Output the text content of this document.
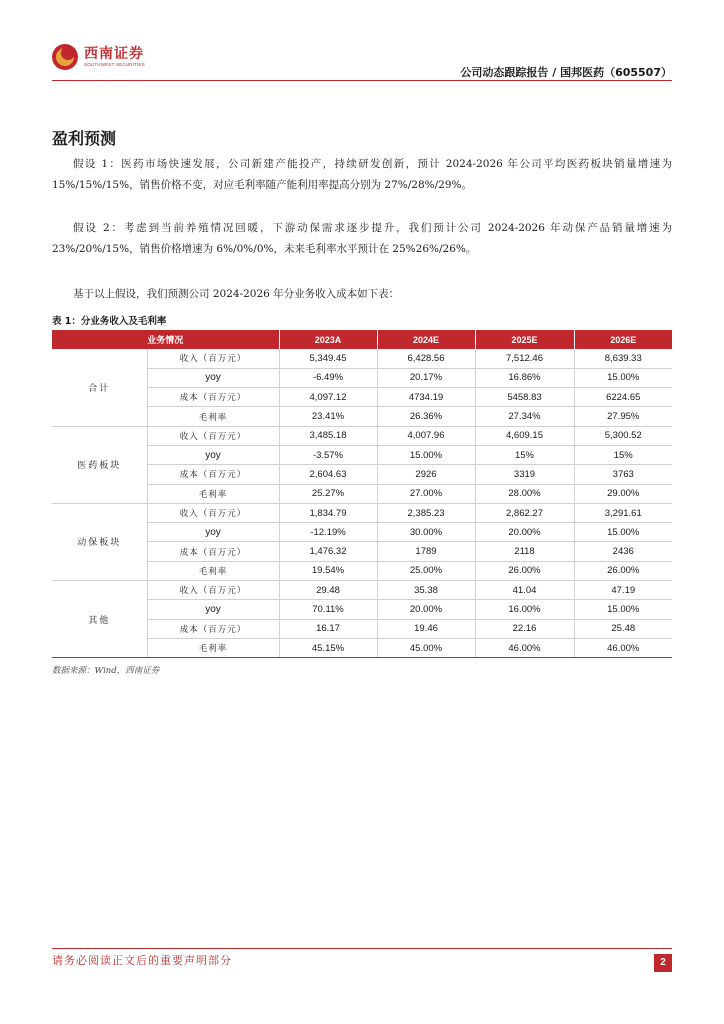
西南证券
SOUTHWEST SECURITIES
公司动态跟踪报告 / 国邦医药（605507）
盈利预测

假设 1：医药市场快速发展，公司新建产能投产，持续研发创新，预计 2024-2026 年公司平均医药板块销量增速为 15%/15%/15%，销售价格不变，对应毛利率随产能利用率提高分别为 27%/28%/29%。

假设 2：考虑到当前养殖情况回暖，下游动保需求逐步提升，我们预计公司 2024-2026 年动保产品销量增速为 23%/20%/15%，销售价格增速为 6%/0%/0%，未来毛利率水平预计在 25%26%/26%。

基于以上假设，我们预测公司 2024-2026 年分业务收入成本如下表：

表 1：分业务收入及毛利率
业务情况		2023A	2024E	2025E	2026E
合计	收入（百万元）	5,349.45	6,428.56	7,512.46	8,639.33
	yoy	-6.49%	20.17%	16.86%	15.00%
	成本（百万元）	4,097.12	4734.19	5458.83	6224.65
	毛利率	23.41%	26.36%	27.34%	27.95%
医药板块	收入（百万元）	3,485.18	4,007.96	4,609.15	5,300.52
	yoy	-3.57%	15.00%	15%	15%
	成本（百万元）	2,604.63	2926	3319	3763
	毛利率	25.27%	27.00%	28.00%	29.00%
动保板块	收入（百万元）	1,834.79	2,385.23	2,862.27	3,291.61
	yoy	-12.19%	30.00%	20.00%	15.00%
	成本（百万元）	1,476.32	1789	2118	2436
	毛利率	19.54%	25.00%	26.00%	26.00%
其他	收入（百万元）	29.48	35.38	41.04	47.19
	yoy	70.11%	20.00%	16.00%	15.00%
	成本（百万元）	16.17	19.46	22.16	25.48
	毛利率	45.15%	45.00%	46.00%	46.00%
数据来源：Wind，西南证券
请务必阅读正文后的重要声明部分	2
